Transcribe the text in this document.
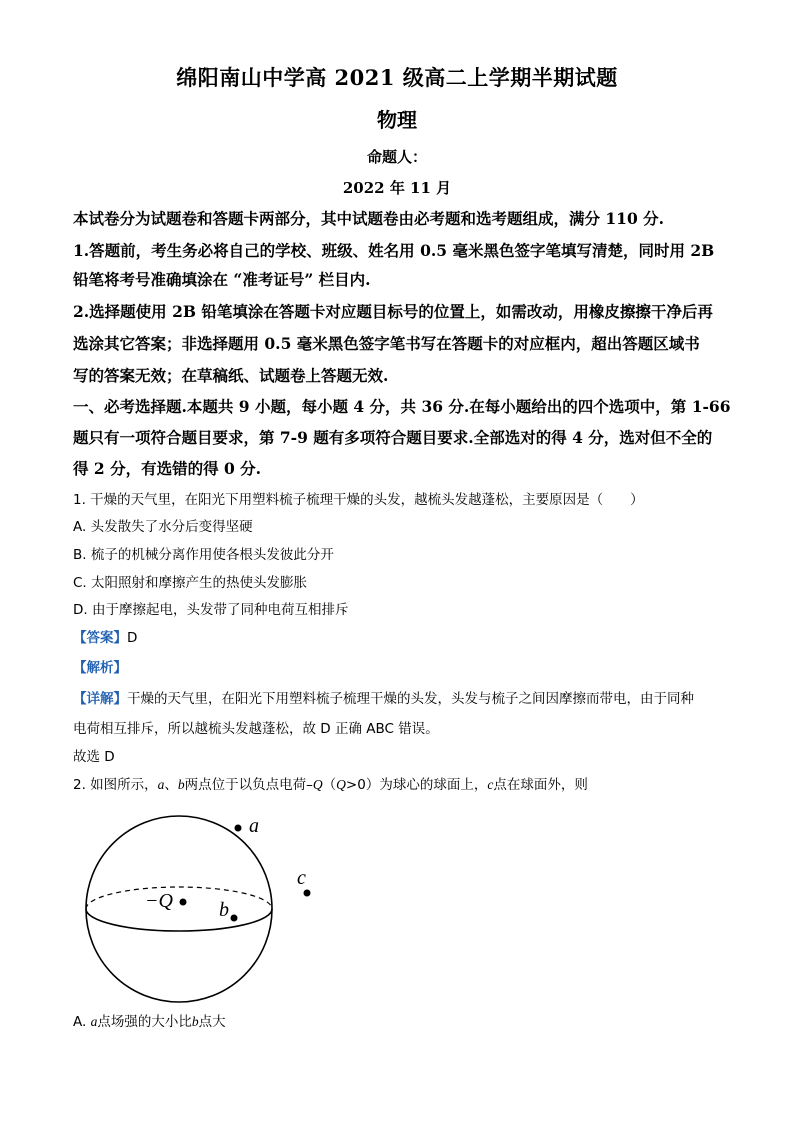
绵阳南山中学高 2021 级高二上学期半期试题
物理
命题人：
2022 年 11 月
本试卷分为试题卷和答题卡两部分，其中试题卷由必考题和选考题组成，满分 110 分.
1.答题前，考生务必将自己的学校、班级、姓名用 0.5 毫米黑色签字笔填写清楚，同时用 2B
铅笔将考号准确填涂在 “准考证号” 栏目内.
2.选择题使用 2B 铅笔填涂在答题卡对应题目标号的位置上，如需改动，用橡皮擦擦干净后再
选涂其它答案；非选择题用 0.5 毫米黑色签字笔书写在答题卡的对应框内，超出答题区域书
写的答案无效；在草稿纸、试题卷上答题无效.
一、必考选择题.本题共 9 小题，每小题 4 分，共 36 分.在每小题给出的四个选项中，第 1-66
题只有一项符合题目要求，第 7-9 题有多项符合题目要求.全部选对的得 4 分，选对但不全的
得 2 分，有选错的得 0 分.
1. 干燥的天气里，在阳光下用塑料梳子梳理干燥的头发，越梳头发越蓬松，主要原因是（　　）
A. 头发散失了水分后变得坚硬
B. 梳子的机械分离作用使各根头发彼此分开
C. 太阳照射和摩擦产生的热使头发膨胀
D. 由于摩擦起电，头发带了同种电荷互相排斥
【答案】D
【解析】
【详解】干燥的天气里，在阳光下用塑料梳子梳理干燥的头发，头发与梳子之间因摩擦而带电，由于同种
电荷相互排斥，所以越梳头发越蓬松，故 D 正确 ABC 错误。
故选 D
2. 如图所示，a、b两点位于以负点电荷–Q（Q>0）为球心的球面上，c点在球面外，则
a
−Q b
c
A. a点场强的大小比b点大
